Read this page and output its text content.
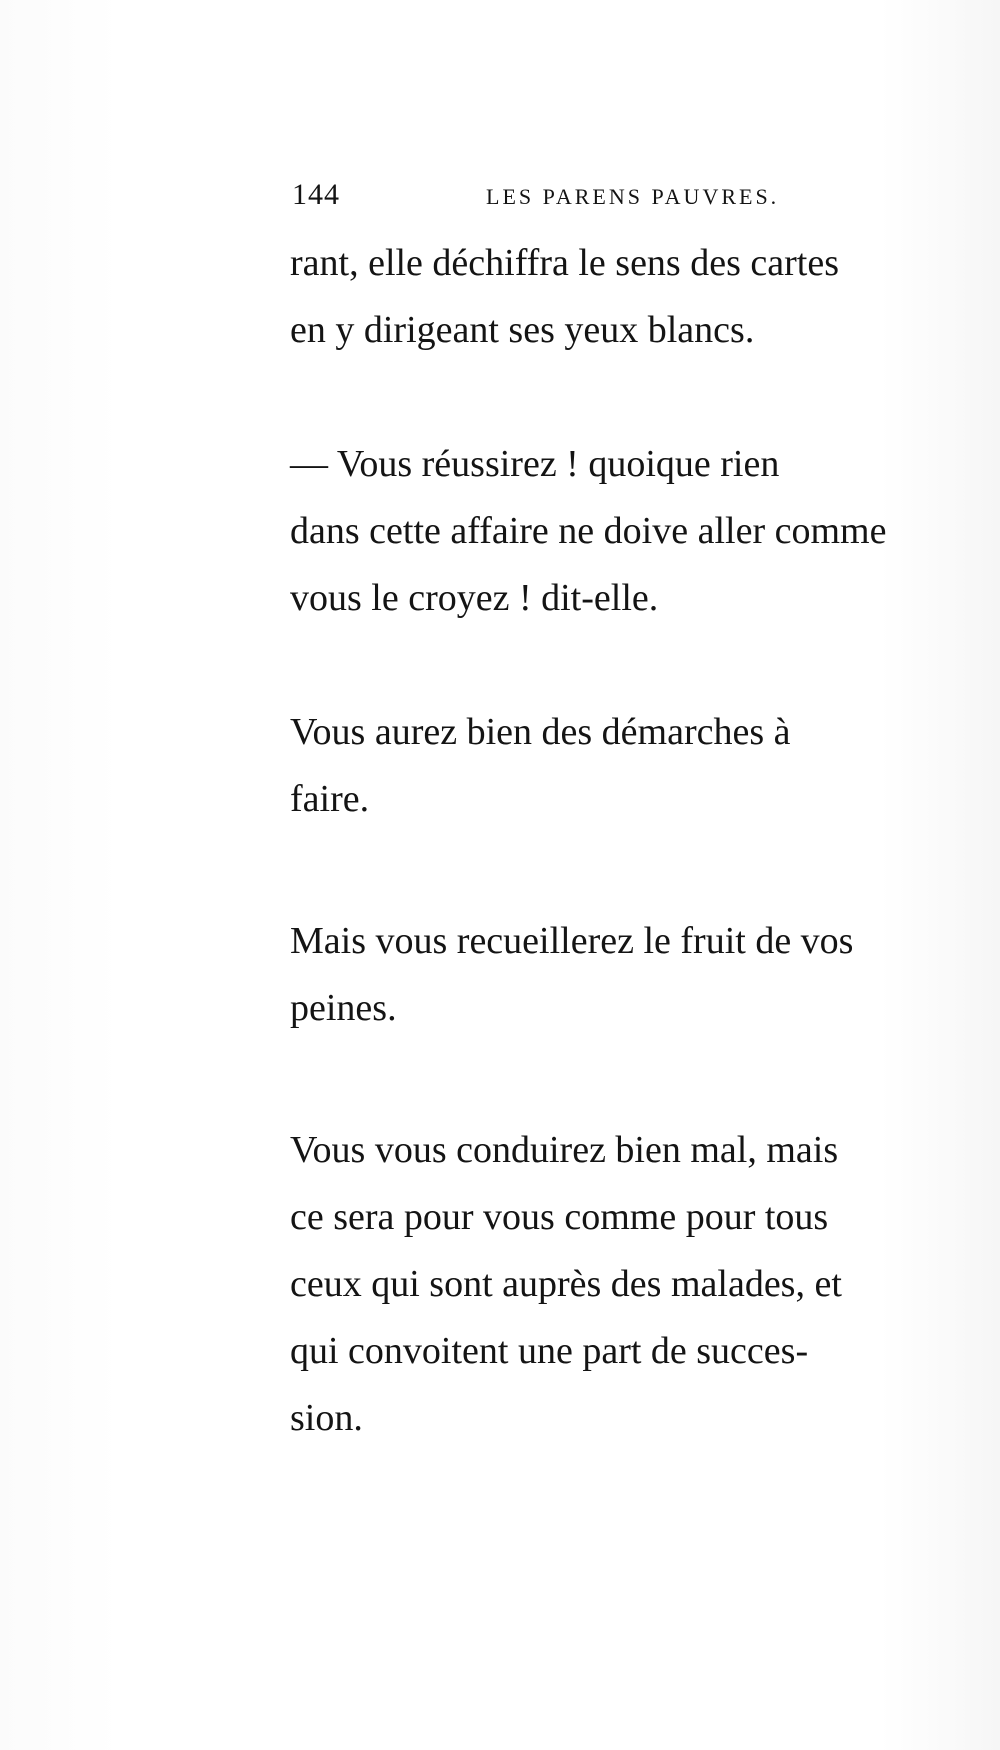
144	LES PARENS PAUVRES.

rant, elle déchiffra le sens des cartes
en y dirigeant ses yeux blancs.

— Vous réussirez ! quoique rien
dans cette affaire ne doive aller comme
vous le croyez ! dit-elle.

Vous aurez bien des démarches à
faire.

Mais vous recueillerez le fruit de vos
peines.

Vous vous conduirez bien mal, mais
ce sera pour vous comme pour tous
ceux qui sont auprès des malades, et
qui convoitent une part de succes-
sion.
